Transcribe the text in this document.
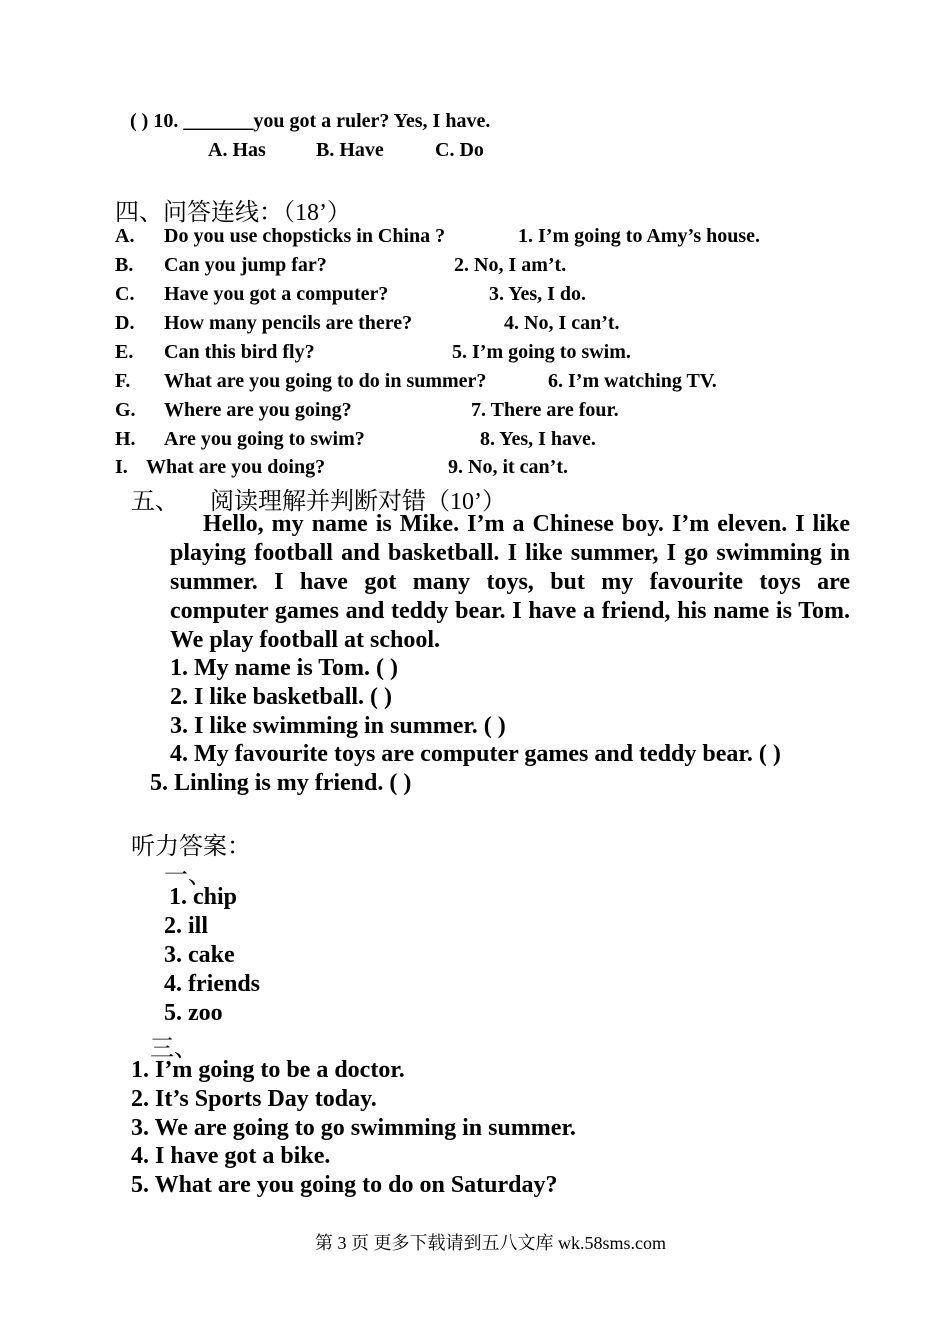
( ) 10. _______you got a ruler? Yes, I have.
A. Has	B. Have	C. Do
四、问答连线：（18’）
A. Do you use chopsticks in China ?	1. I’m going to Amy’s house.
B. Can you jump far?	2. No, I am’t.
C. Have you got a computer?	3. Yes, I do.
D. How many pencils are there?	4. No, I can’t.
E. Can this bird fly?	5. I’m going to swim.
F. What are you going to do in summer?	6. I’m watching TV.
G. Where are you going?	7. There are four.
H. Are you going to swim?	8. Yes, I have.
I. What are you doing?	9. No, it can’t.
五、 阅读理解并判断对错（10’）
Hello, my name is Mike. I’m a Chinese boy. I’m eleven. I like playing football and basketball. I like summer, I go swimming in summer. I have got many toys, but my favourite toys are computer games and teddy bear. I have a friend, his name is Tom. We play football at school.
1. My name is Tom. ( )
2. I like basketball. ( )
3. I like swimming in summer. ( )
4. My favourite toys are computer games and teddy bear. ( )
5. Linling is my friend. ( )
听力答案：
一、
1. chip
2. ill
3. cake
4. friends
5. zoo
三、
1. I’m going to be a doctor.
2. It’s Sports Day today.
3. We are going to go swimming in summer.
4. I have got a bike.
5. What are you going to do on Saturday?
第 3 页 更多下载请到五八文库 wk.58sms.com
